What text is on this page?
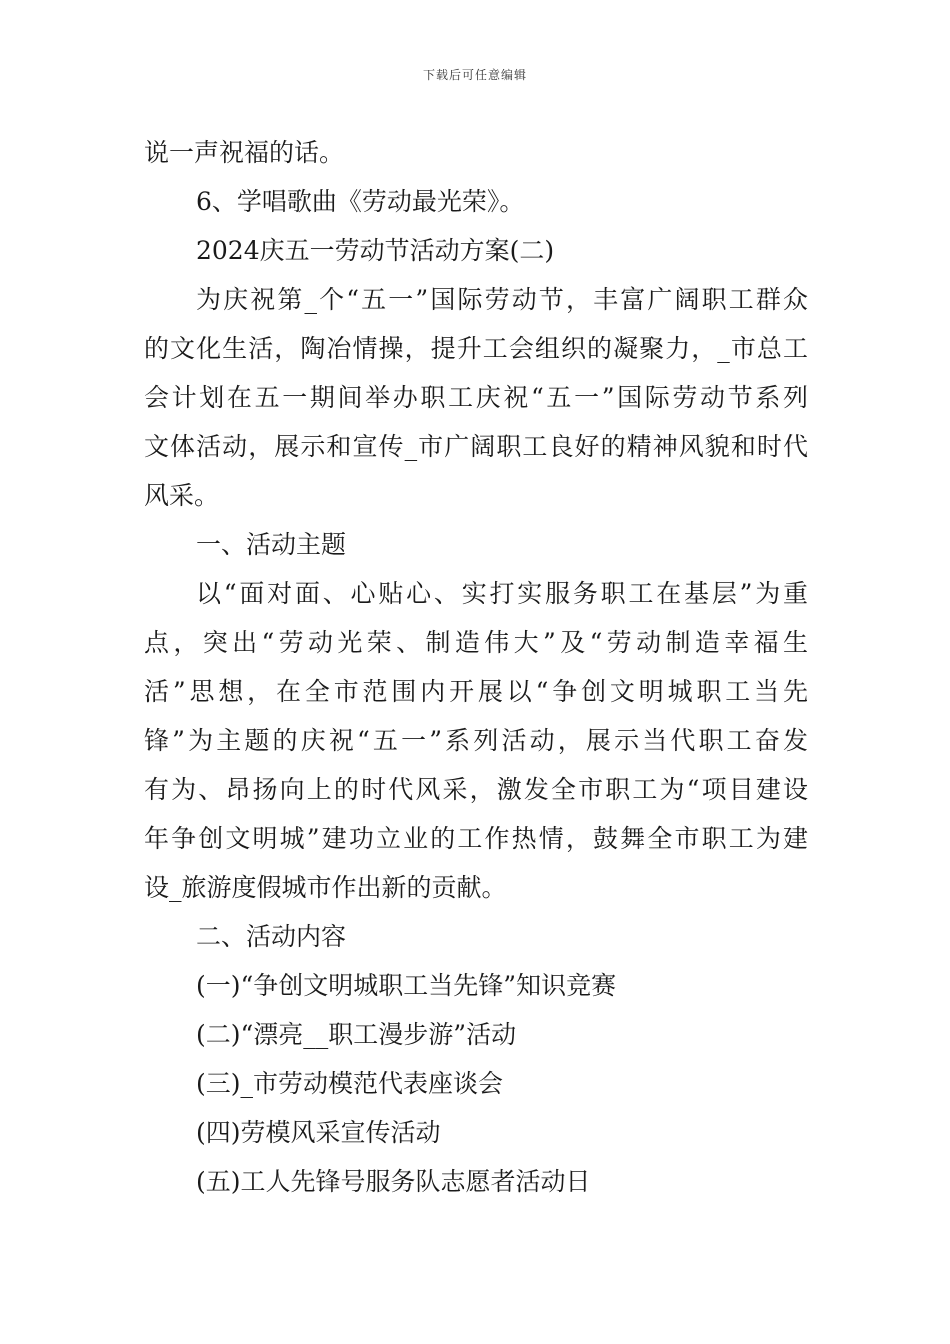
下载后可任意编辑
说一声祝福的话。
6、学唱歌曲《劳动最光荣》。
2024庆五一劳动节活动方案(二)
为庆祝第_个“五一”国际劳动节，丰富广阔职工群众
的文化生活，陶冶情操，提升工会组织的凝聚力，_市总工
会计划在五一期间举办职工庆祝“五一”国际劳动节系列
文体活动，展示和宣传_市广阔职工良好的精神风貌和时代
风采。
一、活动主题
以“面对面、心贴心、实打实服务职工在基层”为重
点，突出“劳动光荣、制造伟大”及“劳动制造幸福生
活”思想，在全市范围内开展以“争创文明城职工当先
锋”为主题的庆祝“五一”系列活动，展示当代职工奋发
有为、昂扬向上的时代风采，激发全市职工为“项目建设
年争创文明城”建功立业的工作热情，鼓舞全市职工为建
设_旅游度假城市作出新的贡献。
二、活动内容
(一)“争创文明城职工当先锋”知识竞赛
(二)“漂亮__职工漫步游”活动
(三)_市劳动模范代表座谈会
(四)劳模风采宣传活动
(五)工人先锋号服务队志愿者活动日
